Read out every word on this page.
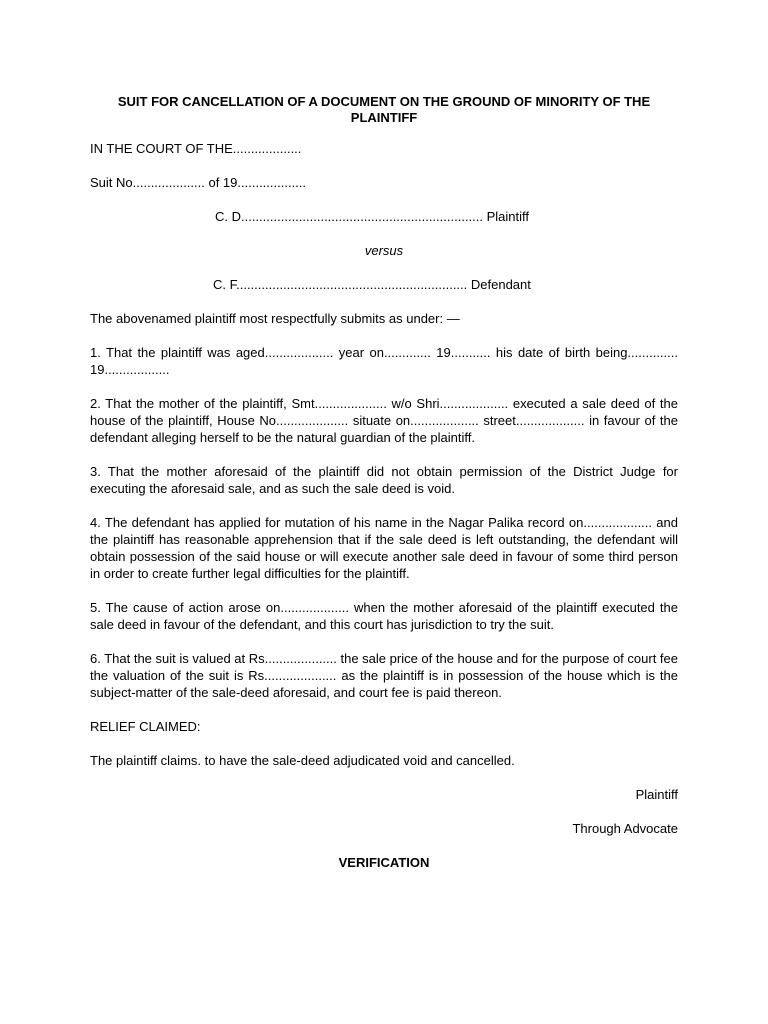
SUIT FOR CANCELLATION OF A DOCUMENT ON THE GROUND OF MINORITY OF THE PLAINTIFF

IN THE COURT OF THE...................

Suit No.................... of 19...................

C. D................................................................... Plaintiff

versus

C. F................................................................ Defendant

The abovenamed plaintiff most respectfully submits as under: —

1. That the plaintiff was aged................... year on............. 19........... his date of birth being.............. 19..................

2. That the mother of the plaintiff, Smt.................... w/o Shri................... executed a sale deed of the house of the plaintiff, House No.................... situate on................... street................... in favour of the defendant alleging herself to be the natural guardian of the plaintiff.

3. That the mother aforesaid of the plaintiff did not obtain permission of the District Judge for executing the aforesaid sale, and as such the sale deed is void.

4. The defendant has applied for mutation of his name in the Nagar Palika record on................... and the plaintiff has reasonable apprehension that if the sale deed is left outstanding, the defendant will obtain possession of the said house or will execute another sale deed in favour of some third person in order to create further legal difficulties for the plaintiff.

5. The cause of action arose on................... when the mother aforesaid of the plaintiff executed the sale deed in favour of the defendant, and this court has jurisdiction to try the suit.

6. That the suit is valued at Rs.................... the sale price of the house and for the purpose of court fee the valuation of the suit is Rs.................... as the plaintiff is in possession of the house which is the subject-matter of the sale-deed aforesaid, and court fee is paid thereon.

RELIEF CLAIMED:

The plaintiff claims. to have the sale-deed adjudicated void and cancelled.

Plaintiff

Through Advocate

VERIFICATION
